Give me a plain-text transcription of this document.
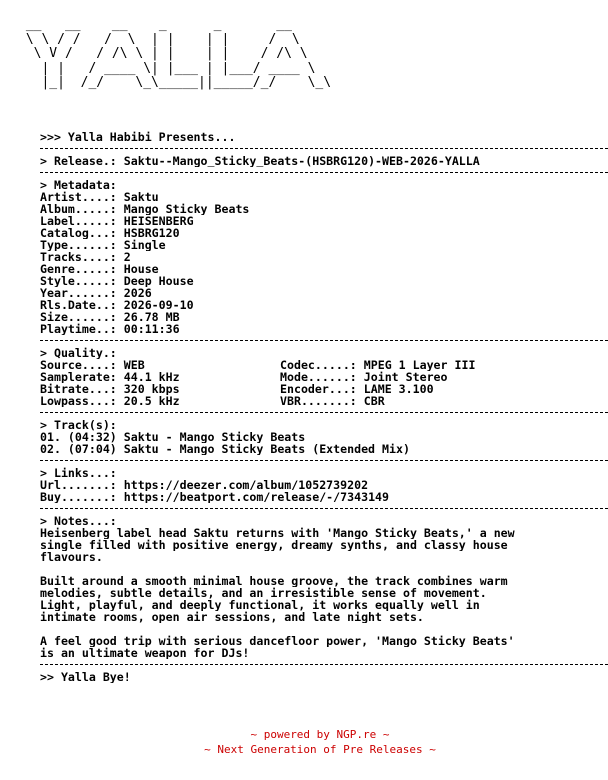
__   __    __    _      _       __
\ \ / /   /  \  | |    | |     /  \
\ V /   / /\ \ | |    | |    / /\ \
| |   / ____ \| |___ | |___/ ____ \
|_|  /_/    \_\_____||_____/_/    \_\
>>> Yalla Habibi Presents...
> Release.: Saktu--Mango_Sticky_Beats-(HSBRG120)-WEB-2026-YALLA
> Metadata:
Artist....: Saktu
Album.....: Mango Sticky Beats
Label.....: HEISENBERG
Catalog...: HSBRG120
Type......: Single
Tracks....: 2
Genre.....: House
Style.....: Deep House
Year......: 2026
Rls.Date..: 2026-09-10
Size......: 26.78 MB
Playtime..: 00:11:36
> Quality.:
Source....: WEB	Codec.....: MPEG 1 Layer III
Samplerate: 44.1 kHz	Mode......: Joint Stereo
Bitrate...: 320 kbps	Encoder...: LAME 3.100
Lowpass...: 20.5 kHz	VBR.......: CBR
> Track(s):
01. (04:32) Saktu - Mango Sticky Beats
02. (07:04) Saktu - Mango Sticky Beats (Extended Mix)
> Links...:
Url.......: https://deezer.com/album/1052739202
Buy.......: https://beatport.com/release/-/7343149
> Notes...:
Heisenberg label head Saktu returns with 'Mango Sticky Beats,' a new
single filled with positive energy, dreamy synths, and classy house
flavours.
Built around a smooth minimal house groove, the track combines warm
melodies, subtle details, and an irresistible sense of movement.
Light, playful, and deeply functional, it works equally well in
intimate rooms, open air sessions, and late night sets.
A feel good trip with serious dancefloor power, 'Mango Sticky Beats'
is an ultimate weapon for DJs!
>> Yalla Bye!
~ powered by NGP.re ~
~ Next Generation of Pre Releases ~
